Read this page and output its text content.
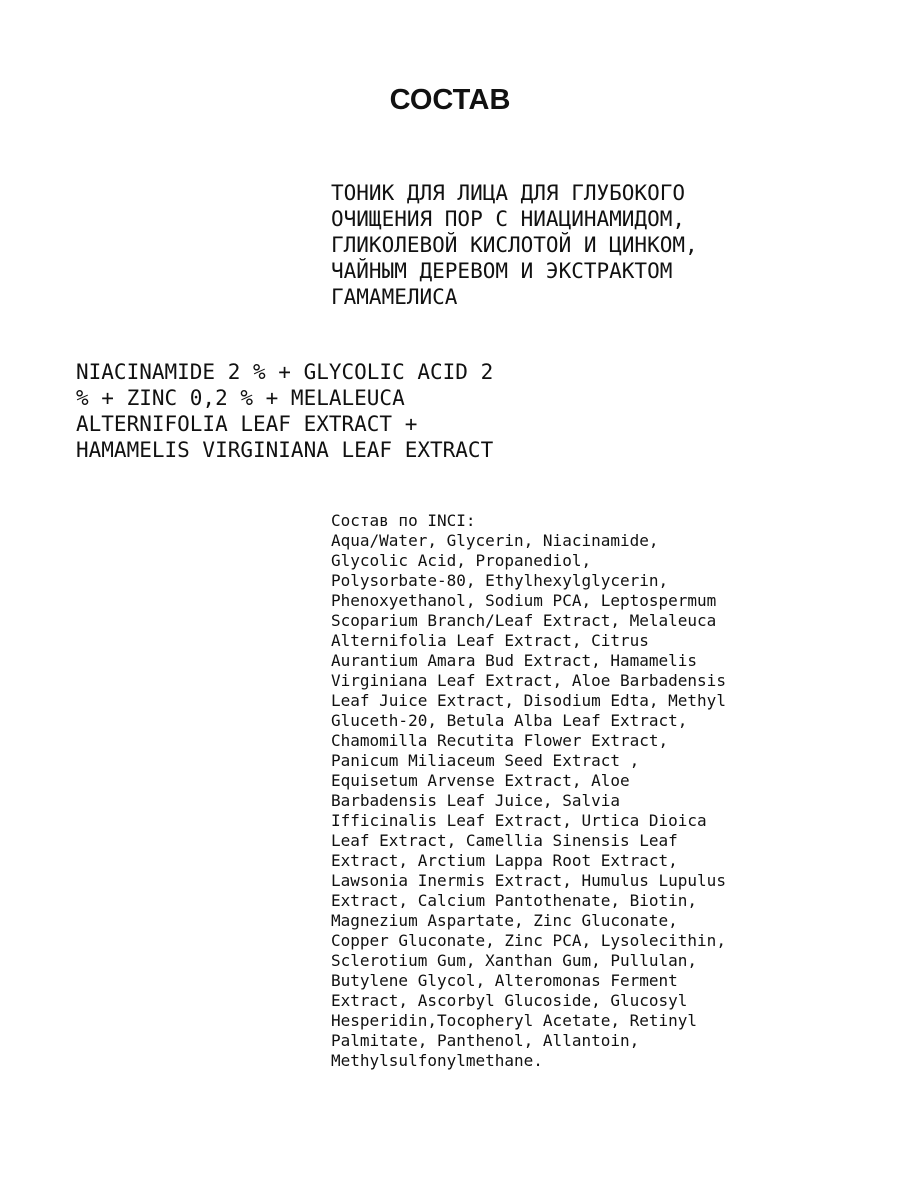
СОСТАВ

ТОНИК ДЛЯ ЛИЦА ДЛЯ ГЛУБОКОГО
ОЧИЩЕНИЯ ПОР С НИАЦИНАМИДОМ,
ГЛИКОЛЕВОЙ КИСЛОТОЙ И ЦИНКОМ,
ЧАЙНЫМ ДЕРЕВОМ И ЭКСТРАКТОМ
ГАМАМЕЛИСА

NIACINAMIDE 2 % + GLYCOLIC ACID 2
% + ZINC 0,2 % + MELALEUCA
ALTERNIFOLIA LEAF EXTRACT +
HAMAMELIS VIRGINIANA LEAF EXTRACT

Состав по INCI:
Aqua/Water, Glycerin, Niacinamide,
Glycolic Acid, Propanediol,
Polysorbate-80, Ethylhexylglycerin,
Phenoxyethanol, Sodium PCA, Leptospermum
Scoparium Branch/Leaf Extract, Melaleuca
Alternifolia Leaf Extract, Citrus
Aurantium Amara Bud Extract, Hamamelis
Virginiana Leaf Extract, Aloe Barbadensis
Leaf Juice Extract, Disodium Edta, Methyl
Gluceth-20, Betula Alba Leaf Extract,
Chamomilla Recutita Flower Extract,
Panicum Miliaceum Seed Extract ,
Equisetum Arvense Extract, Aloe
Barbadensis Leaf Juice, Salvia
Ifficinalis Leaf Extract, Urtica Dioica
Leaf Extract, Camellia Sinensis Leaf
Extract, Arctium Lappa Root Extract,
Lawsonia Inermis Extract, Humulus Lupulus
Extract, Calcium Pantothenate, Biotin,
Magnezium Aspartate, Zinc Gluconate,
Copper Gluconate, Zinc PCA, Lysolecithin,
Sclerotium Gum, Xanthan Gum, Pullulan,
Butylene Glycol, Alteromonas Ferment
Extract, Ascorbyl Glucoside, Glucosyl
Hesperidin,Tocopheryl Acetate, Retinyl
Palmitate, Panthenol, Allantoin,
Methylsulfonylmethane.
